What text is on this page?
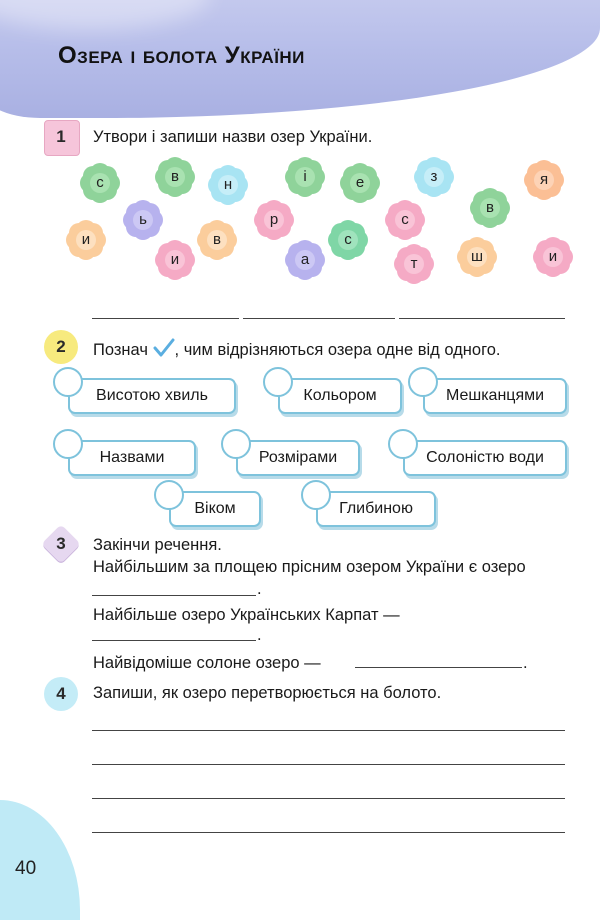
Озера і болота України
1	Утвори і запиши назви озер України.
с	в	н	і	е	з	я
ь	р	с
в
и	в	с
и	а	т	ш	и
2	Познач , чим відрізняються озера одне від одного.
Висотою хвиль	Кольором	Мешканцями
Назвами	Розмірами	Солоністю води
Віком	Глибиною
3	Закінчи речення.
Найбільшим за площею прісним озером України є озеро
.
Найбільше озеро Українських Карпат —
.
Найвідоміше солоне озеро —	.
4	Запиши, як озеро перетворюється на болото.
40
